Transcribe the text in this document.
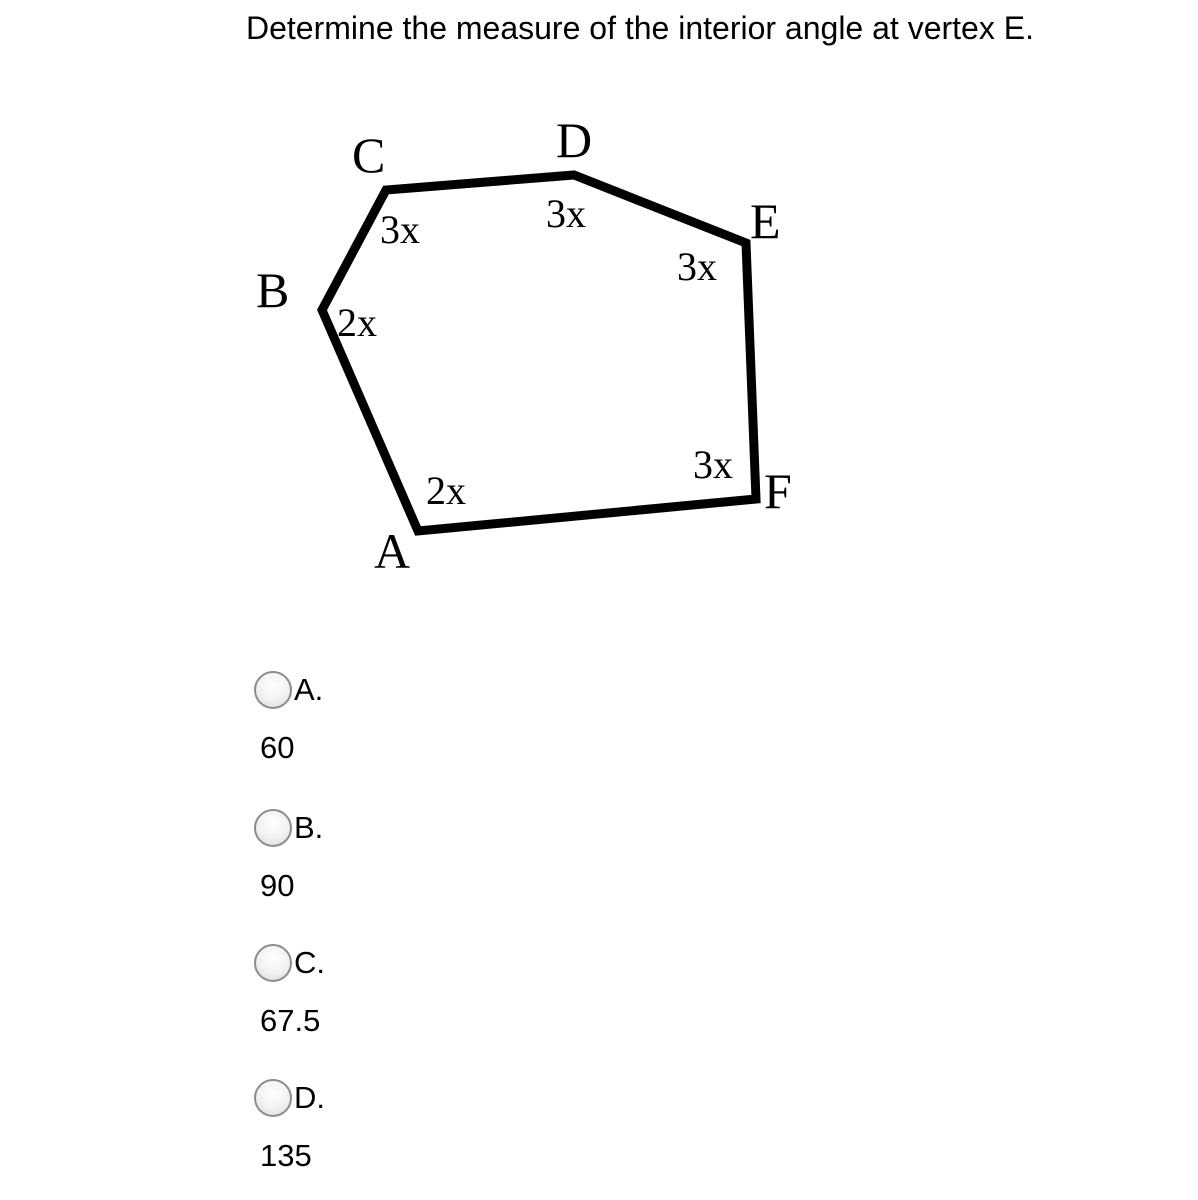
Determine the measure of the interior angle at vertex E.
A
B
C	D
E
F
2x
2x
3x	3x
3x
3x
A.
60
B.
90
C.
67.5
D.
135
